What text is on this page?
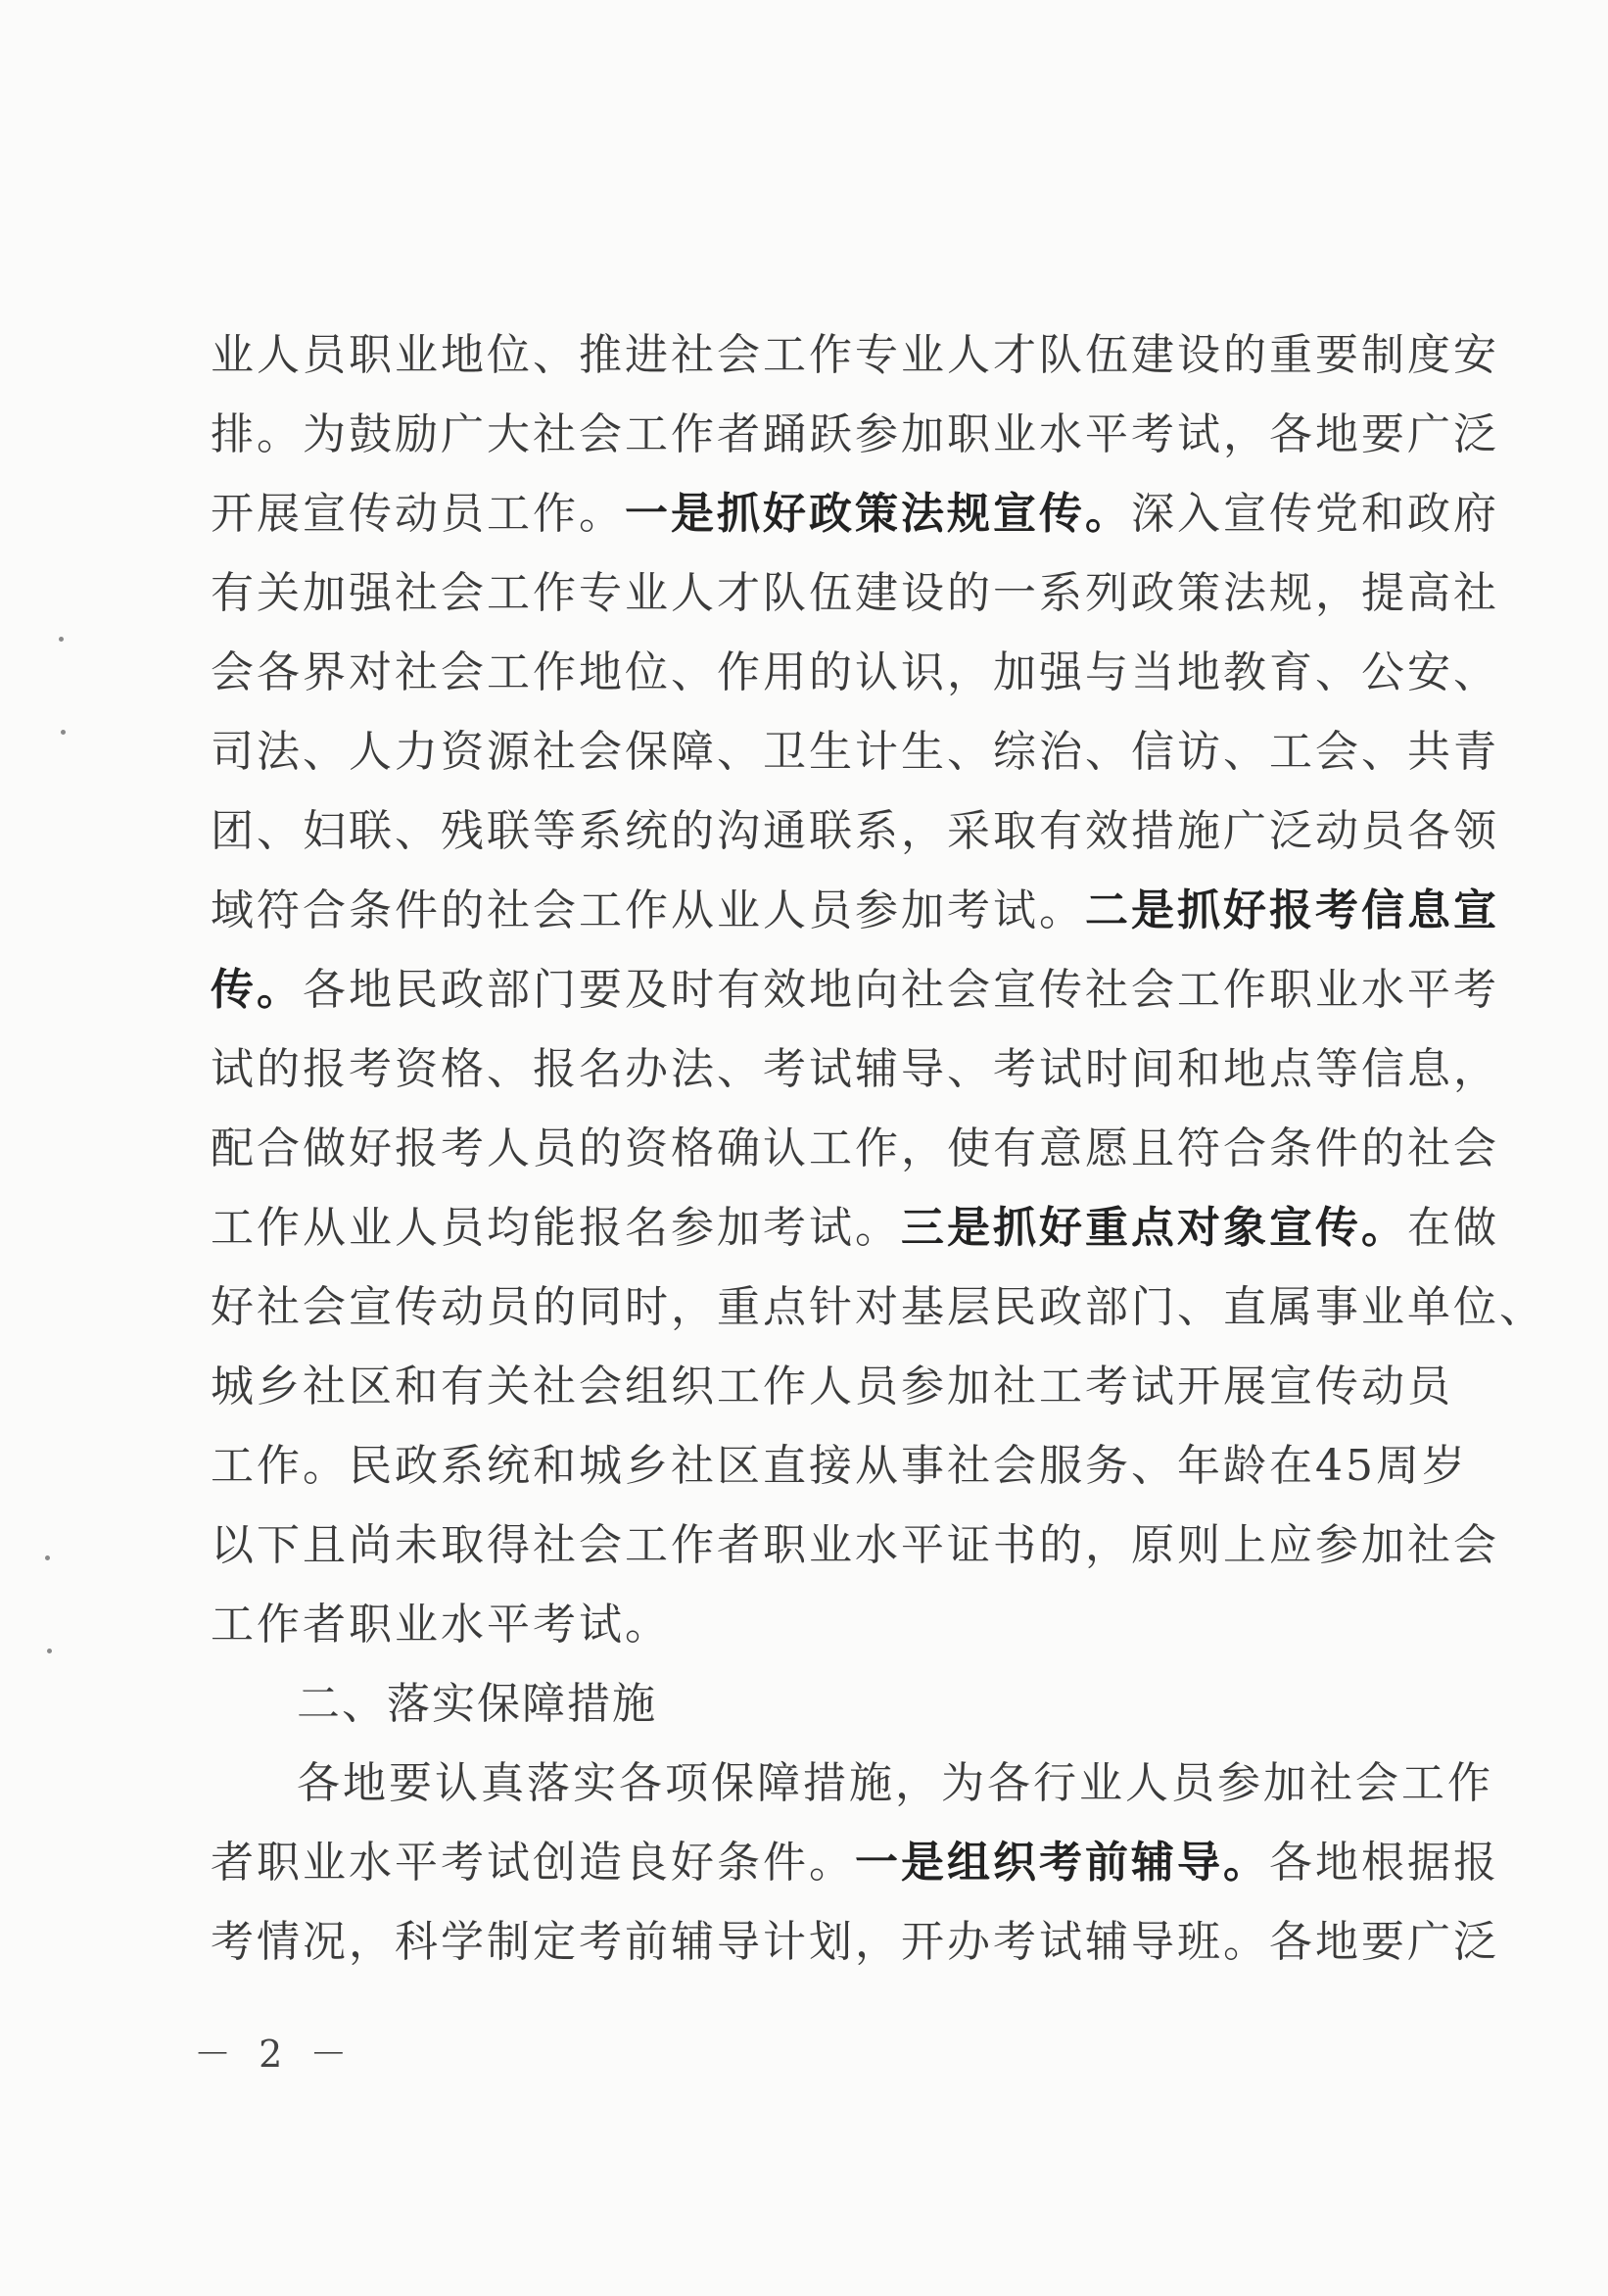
业人员职业地位、推进社会工作专业人才队伍建设的重要制度安
排。为鼓励广大社会工作者踊跃参加职业水平考试，各地要广泛
开展宣传动员工作。一是抓好政策法规宣传。深入宣传党和政府
有关加强社会工作专业人才队伍建设的一系列政策法规，提高社
会各界对社会工作地位、作用的认识，加强与当地教育、公安、
司法、人力资源社会保障、卫生计生、综治、信访、工会、共青
团、妇联、残联等系统的沟通联系，采取有效措施广泛动员各领
域符合条件的社会工作从业人员参加考试。二是抓好报考信息宣
传。各地民政部门要及时有效地向社会宣传社会工作职业水平考
试的报考资格、报名办法、考试辅导、考试时间和地点等信息，
配合做好报考人员的资格确认工作，使有意愿且符合条件的社会
工作从业人员均能报名参加考试。三是抓好重点对象宣传。在做
好社会宣传动员的同时，重点针对基层民政部门、直属事业单位、
城乡社区和有关社会组织工作人员参加社工考试开展宣传动员
工作。民政系统和城乡社区直接从事社会服务、年龄在45周岁
以下且尚未取得社会工作者职业水平证书的，原则上应参加社会
工作者职业水平考试。
二、落实保障措施
各地要认真落实各项保障措施，为各行业人员参加社会工作
者职业水平考试创造良好条件。一是组织考前辅导。各地根据报
考情况，科学制定考前辅导计划，开办考试辅导班。各地要广泛
－ 2 －
